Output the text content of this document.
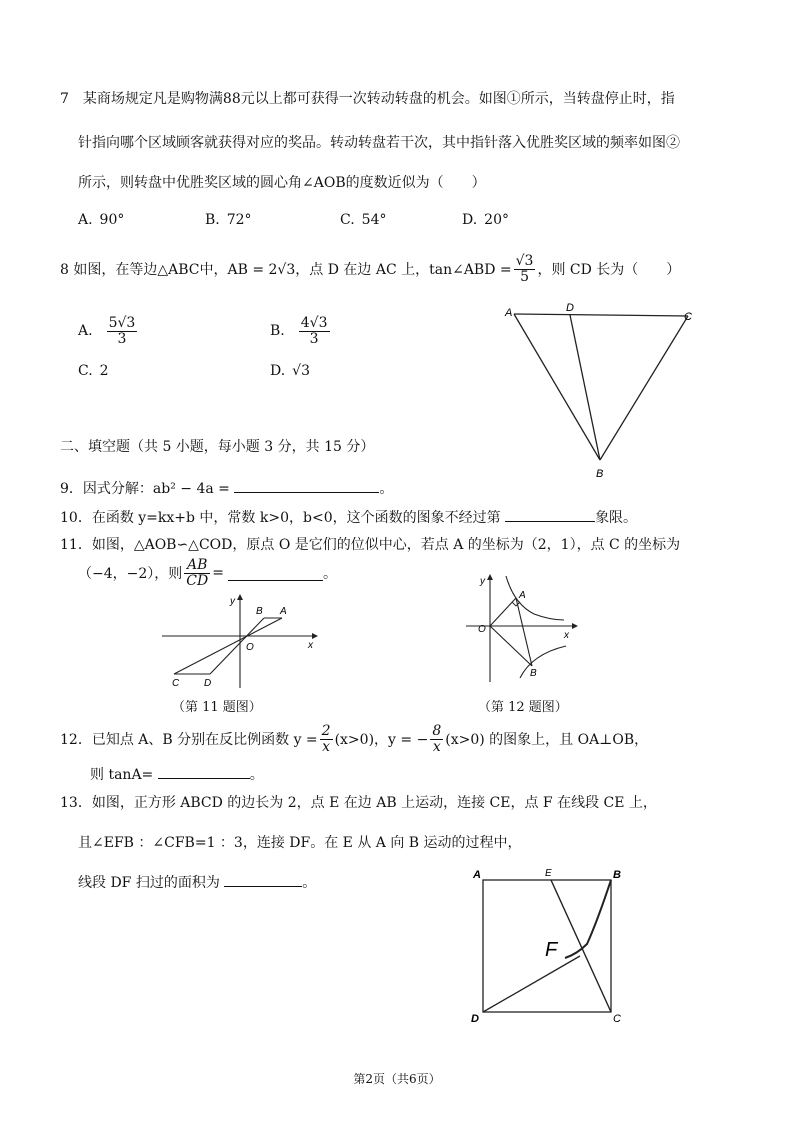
7　某商场规定凡是购物满88元以上都可获得一次转动转盘的机会。如图①所示，当转盘停止时，指
针指向哪个区域顾客就获得对应的奖品。转动转盘若干次，其中指针落入优胜奖区域的频率如图②
所示，则转盘中优胜奖区域的圆心角∠AOB的度数近似为（　　）
A. 90°	B. 72°	C. 54°	D. 20°
8 如图，在等边△ABC中，AB = 2√3，点 D 在边 AC 上，tan∠ABD = $\frac{√3}{5}$ ，则 CD 长为（　　）
A. $\frac{5√3}{3}$	B. $\frac{4√3}{3}$
C. 2	D. √3
A	D
C
B
二、填空题（共 5 小题，每小题 3 分，共 15 分）
9．因式分解：ab² − 4a =	。
10．在函数 y=kx+b 中，常数 k>0，b<0，这个函数的图象不经过第	象限。
11．如图，△AOB∽△COD，原点 O 是它们的位似中心，若点 A 的坐标为（2，1），点 C 的坐标为
（−4，−2），则 $\frac{AB}{CD}$ =	。
y
x
O
B A
C D
（第 11 题图）
y
x
O
A
B
（第 12 题图）
12．已知点 A、B 分别在反比例函数 $y = \frac{2}{x} (x>0)$，y = − $\frac{8}{x} (x>0)$ 的图象上，且 OA⊥OB，
则 tanA=	。
13．如图，正方形 ABCD 的边长为 2，点 E 在边 AB 上运动，连接 CE，点 F 在线段 CE 上，
且∠EFB ：∠CFB=1 ：3，连接 DF。在 E 从 A 向 B 运动的过程中，
线段 DF 扫过的面积为	。	A	E	B
D	C
F
第2页（共6页）
